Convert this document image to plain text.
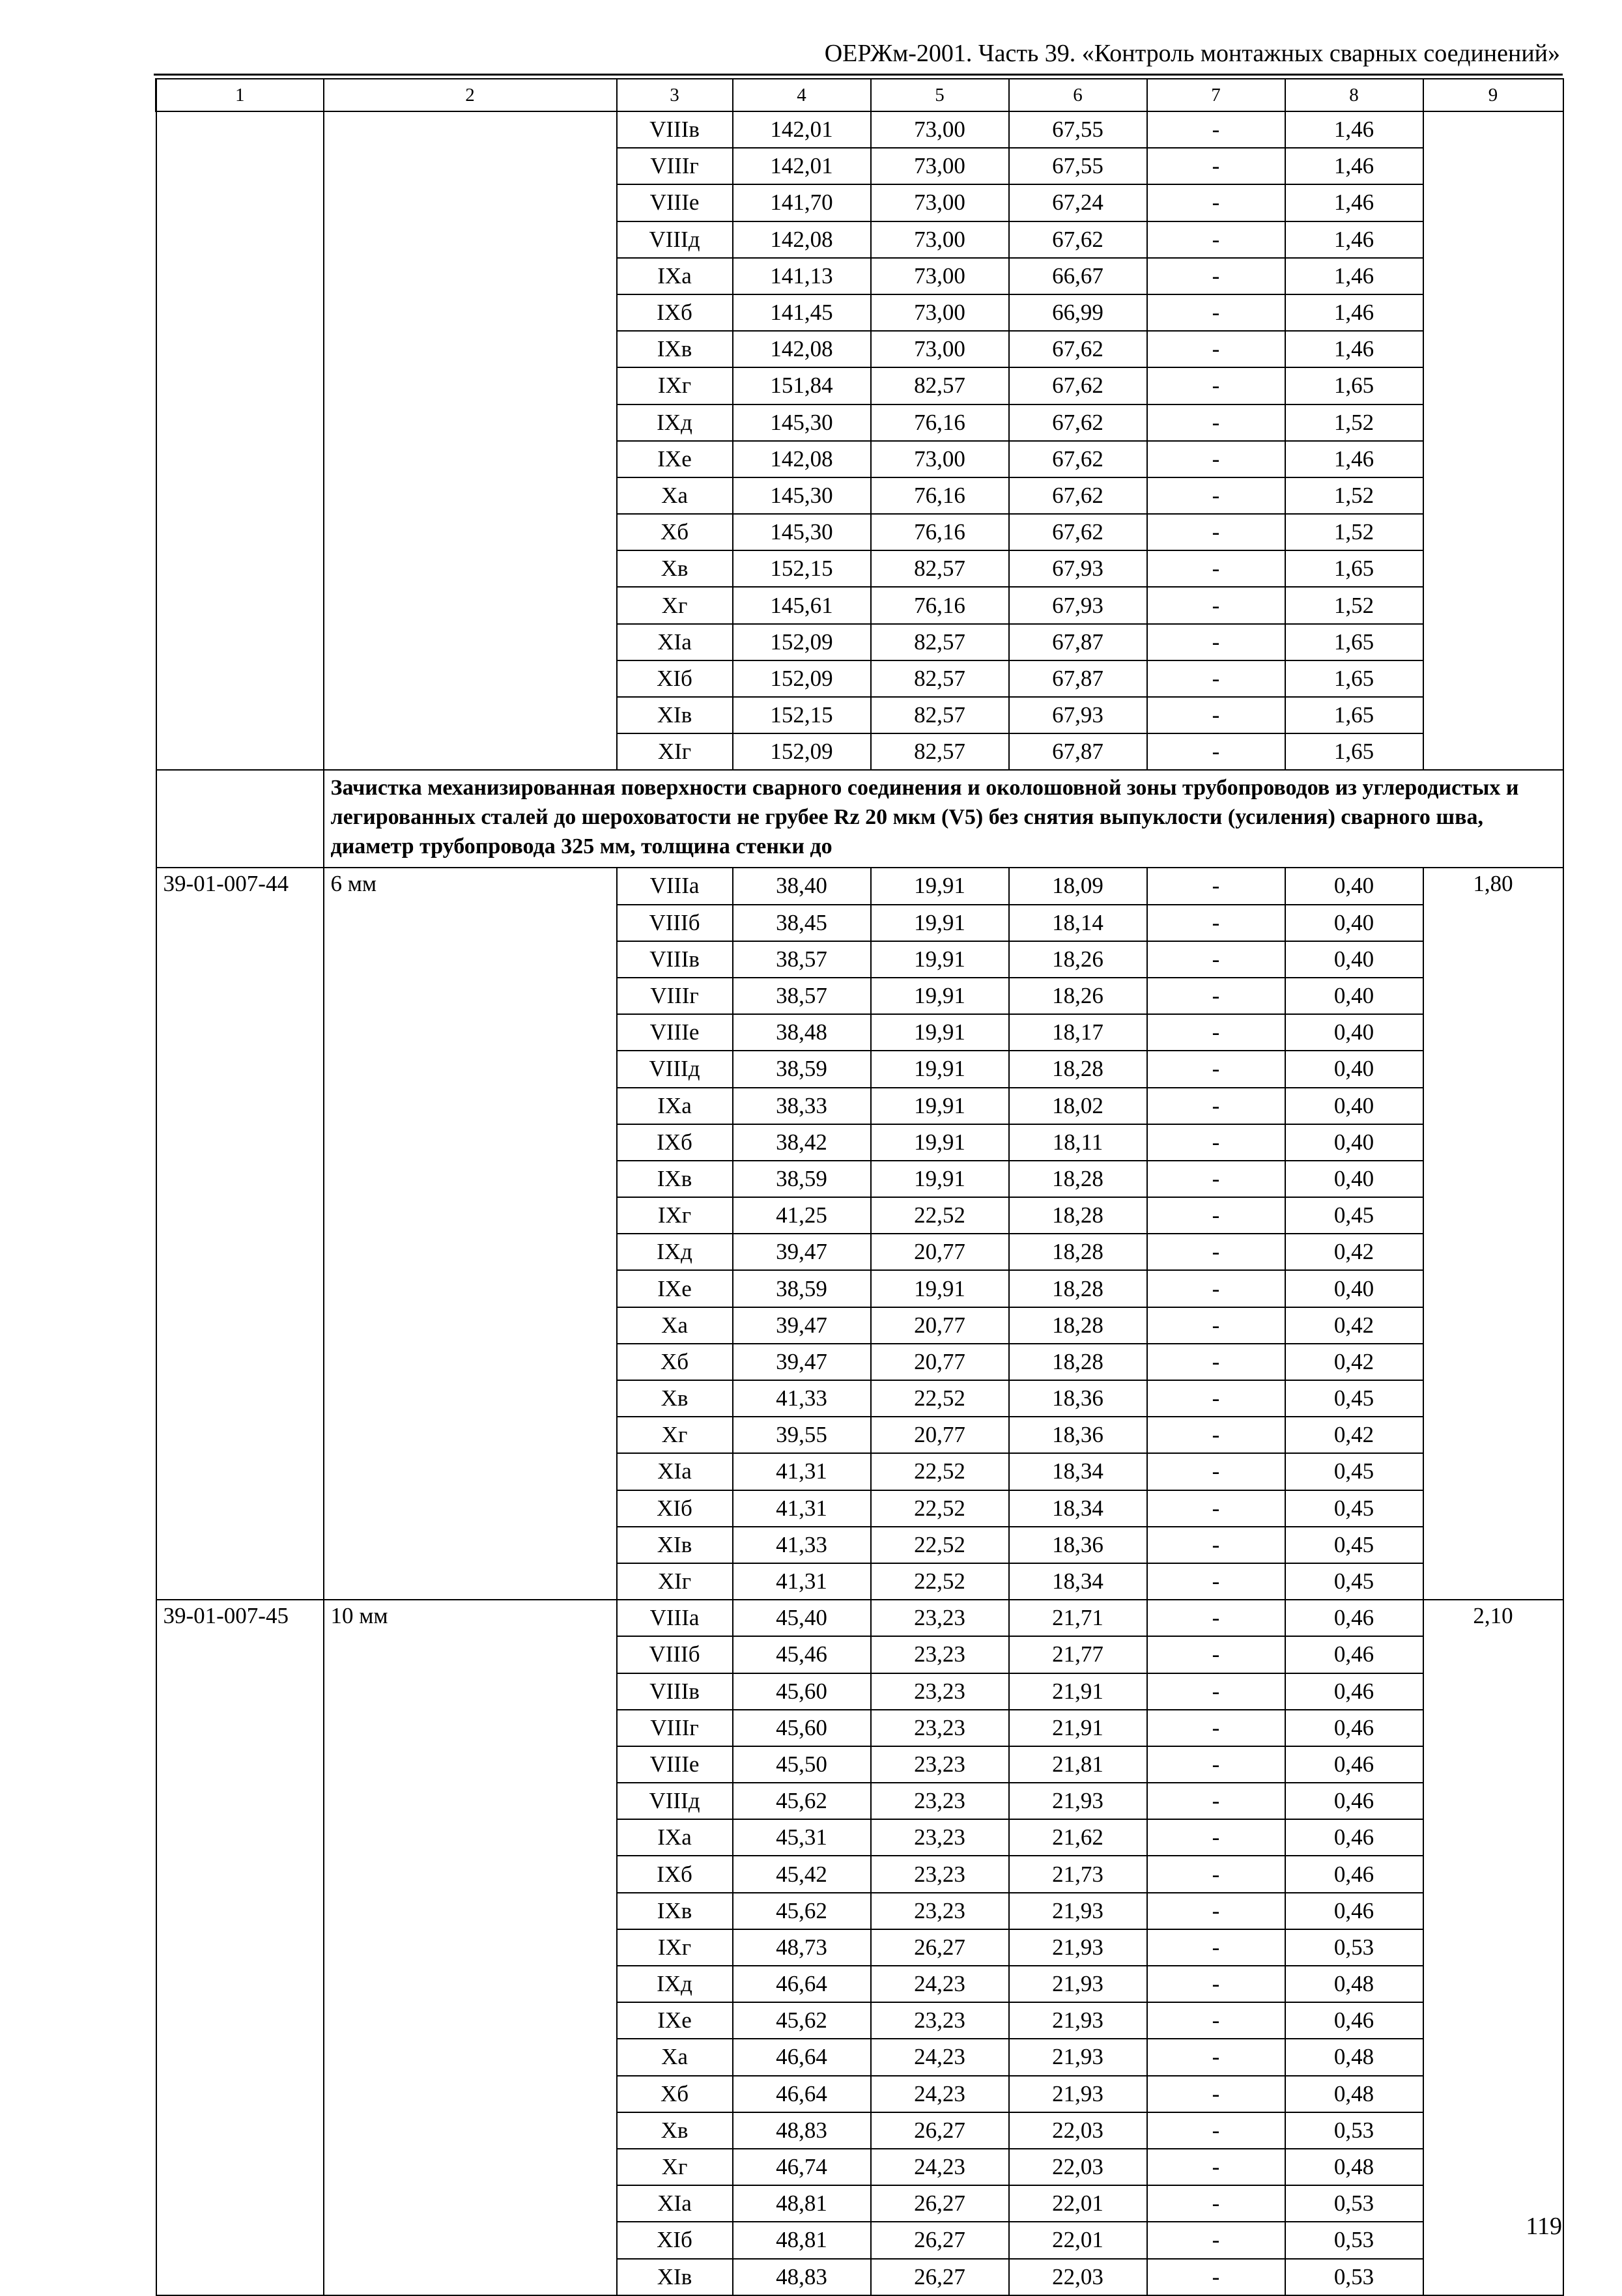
ОЕРЖм-2001. Часть 39. «Контроль монтажных сварных соединений»
1	2	3	4	5	6	7	8	9
		VIIIв	142,01	73,00	67,55	-	1,46	
		VIIIг	142,01	73,00	67,55	-	1,46	
		VIIIе	141,70	73,00	67,24	-	1,46	
		VIIIд	142,08	73,00	67,62	-	1,46	
		IXа	141,13	73,00	66,67	-	1,46	
		IXб	141,45	73,00	66,99	-	1,46	
		IXв	142,08	73,00	67,62	-	1,46	
		IXг	151,84	82,57	67,62	-	1,65	
		IXд	145,30	76,16	67,62	-	1,52	
		IXе	142,08	73,00	67,62	-	1,46	
		Xа	145,30	76,16	67,62	-	1,52	
		Xб	145,30	76,16	67,62	-	1,52	
		Xв	152,15	82,57	67,93	-	1,65	
		Xг	145,61	76,16	67,93	-	1,52	
		XIа	152,09	82,57	67,87	-	1,65	
		XIб	152,09	82,57	67,87	-	1,65	
		XIв	152,15	82,57	67,93	-	1,65	
		XIг	152,09	82,57	67,87	-	1,65	
	Зачистка механизированная поверхности сварного соединения и околошовной зоны трубопроводов из углеродистых и легированных сталей до шероховатости не грубее Rz 20 мкм (V5) без снятия выпуклости (усиления) сварного шва, диаметр трубопровода 325 мм, толщина стенки до							
39-01-007-44	6 мм	VIIIа	38,40	19,91	18,09	-	0,40	1,80
		VIIIб	38,45	19,91	18,14	-	0,40	
		VIIIв	38,57	19,91	18,26	-	0,40	
		VIIIг	38,57	19,91	18,26	-	0,40	
		VIIIе	38,48	19,91	18,17	-	0,40	
		VIIIд	38,59	19,91	18,28	-	0,40	
		IXа	38,33	19,91	18,02	-	0,40	
		IXб	38,42	19,91	18,11	-	0,40	
		IXв	38,59	19,91	18,28	-	0,40	
		IXг	41,25	22,52	18,28	-	0,45	
		IXд	39,47	20,77	18,28	-	0,42	
		IXе	38,59	19,91	18,28	-	0,40	
		Xа	39,47	20,77	18,28	-	0,42	
		Xб	39,47	20,77	18,28	-	0,42	
		Xв	41,33	22,52	18,36	-	0,45	
		Xг	39,55	20,77	18,36	-	0,42	
		XIа	41,31	22,52	18,34	-	0,45	
		XIб	41,31	22,52	18,34	-	0,45	
		XIв	41,33	22,52	18,36	-	0,45	
		XIг	41,31	22,52	18,34	-	0,45	
39-01-007-45	10 мм	VIIIа	45,40	23,23	21,71	-	0,46	2,10
		VIIIб	45,46	23,23	21,77	-	0,46	
		VIIIв	45,60	23,23	21,91	-	0,46	
		VIIIг	45,60	23,23	21,91	-	0,46	
		VIIIе	45,50	23,23	21,81	-	0,46	
		VIIIд	45,62	23,23	21,93	-	0,46	
		IXа	45,31	23,23	21,62	-	0,46	
		IXб	45,42	23,23	21,73	-	0,46	
		IXв	45,62	23,23	21,93	-	0,46	
		IXг	48,73	26,27	21,93	-	0,53	
		IXд	46,64	24,23	21,93	-	0,48	
		IXе	45,62	23,23	21,93	-	0,46	
		Xа	46,64	24,23	21,93	-	0,48	
		Xб	46,64	24,23	21,93	-	0,48	
		Xв	48,83	26,27	22,03	-	0,53	
		Xг	46,74	24,23	22,03	-	0,48	
		XIа	48,81	26,27	22,01	-	0,53	
		XIб	48,81	26,27	22,01	-	0,53	
		XIв	48,83	26,27	22,03	-	0,53	
119
